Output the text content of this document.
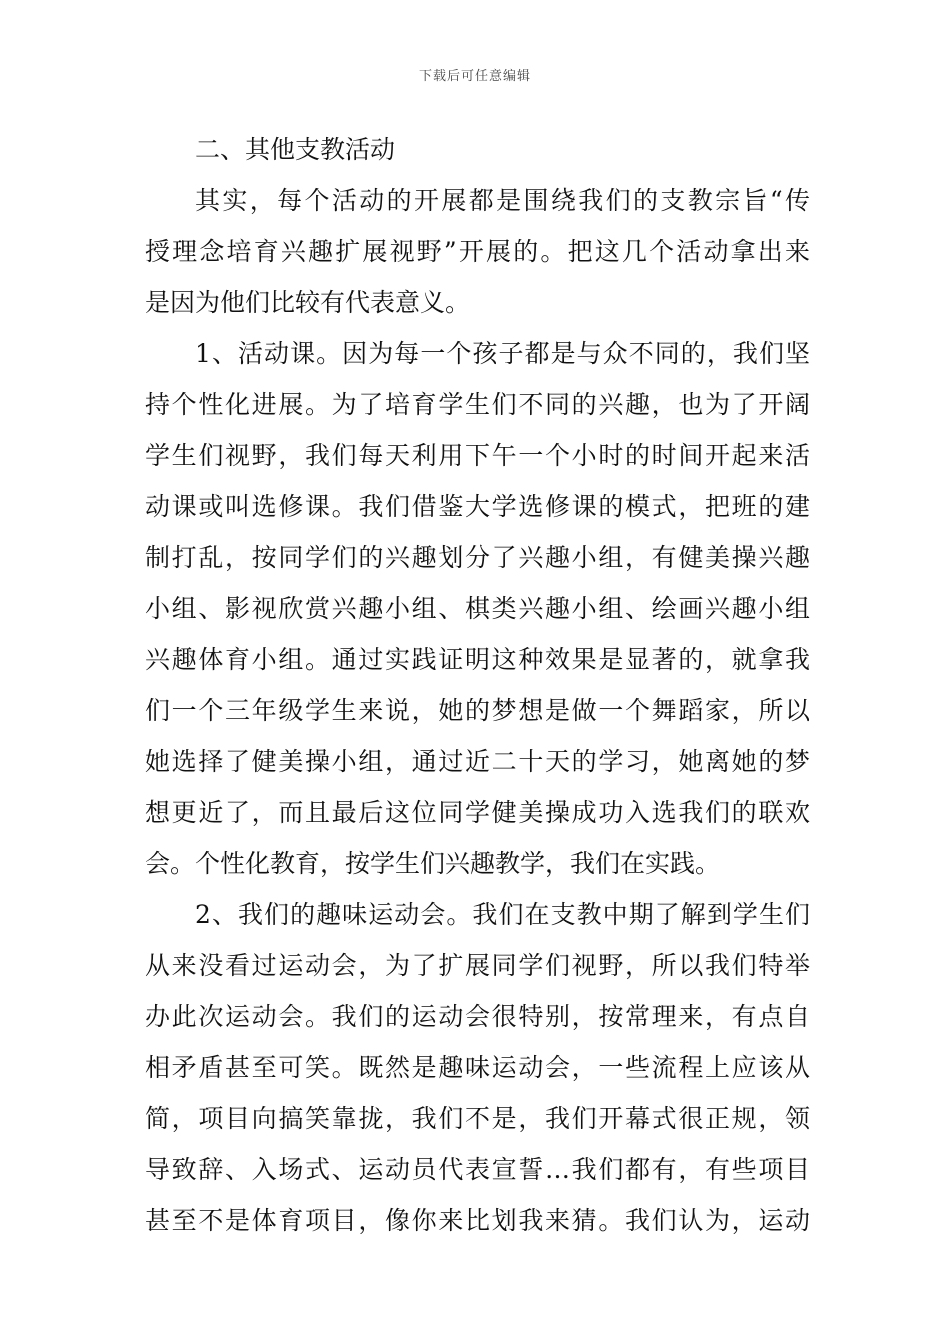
下载后可任意编辑
二、其他支教活动
其实，每个活动的开展都是围绕我们的支教宗旨“传
授理念培育兴趣扩展视野”开展的。把这几个活动拿出来
是因为他们比较有代表意义。
1、活动课。因为每一个孩子都是与众不同的，我们坚
持个性化进展。为了培育学生们不同的兴趣，也为了开阔
学生们视野，我们每天利用下午一个小时的时间开起来活
动课或叫选修课。我们借鉴大学选修课的模式，把班的建
制打乱，按同学们的兴趣划分了兴趣小组，有健美操兴趣
小组、影视欣赏兴趣小组、棋类兴趣小组、绘画兴趣小组
兴趣体育小组。通过实践证明这种效果是显著的，就拿我
们一个三年级学生来说，她的梦想是做一个舞蹈家，所以
她选择了健美操小组，通过近二十天的学习，她离她的梦
想更近了，而且最后这位同学健美操成功入选我们的联欢
会。个性化教育，按学生们兴趣教学，我们在实践。
2、我们的趣味运动会。我们在支教中期了解到学生们
从来没看过运动会，为了扩展同学们视野，所以我们特举
办此次运动会。我们的运动会很特别，按常理来，有点自
相矛盾甚至可笑。既然是趣味运动会，一些流程上应该从
简，项目向搞笑靠拢，我们不是，我们开幕式很正规，领
导致辞、入场式、运动员代表宣誓…我们都有，有些项目
甚至不是体育项目，像你来比划我来猜。我们认为，运动
